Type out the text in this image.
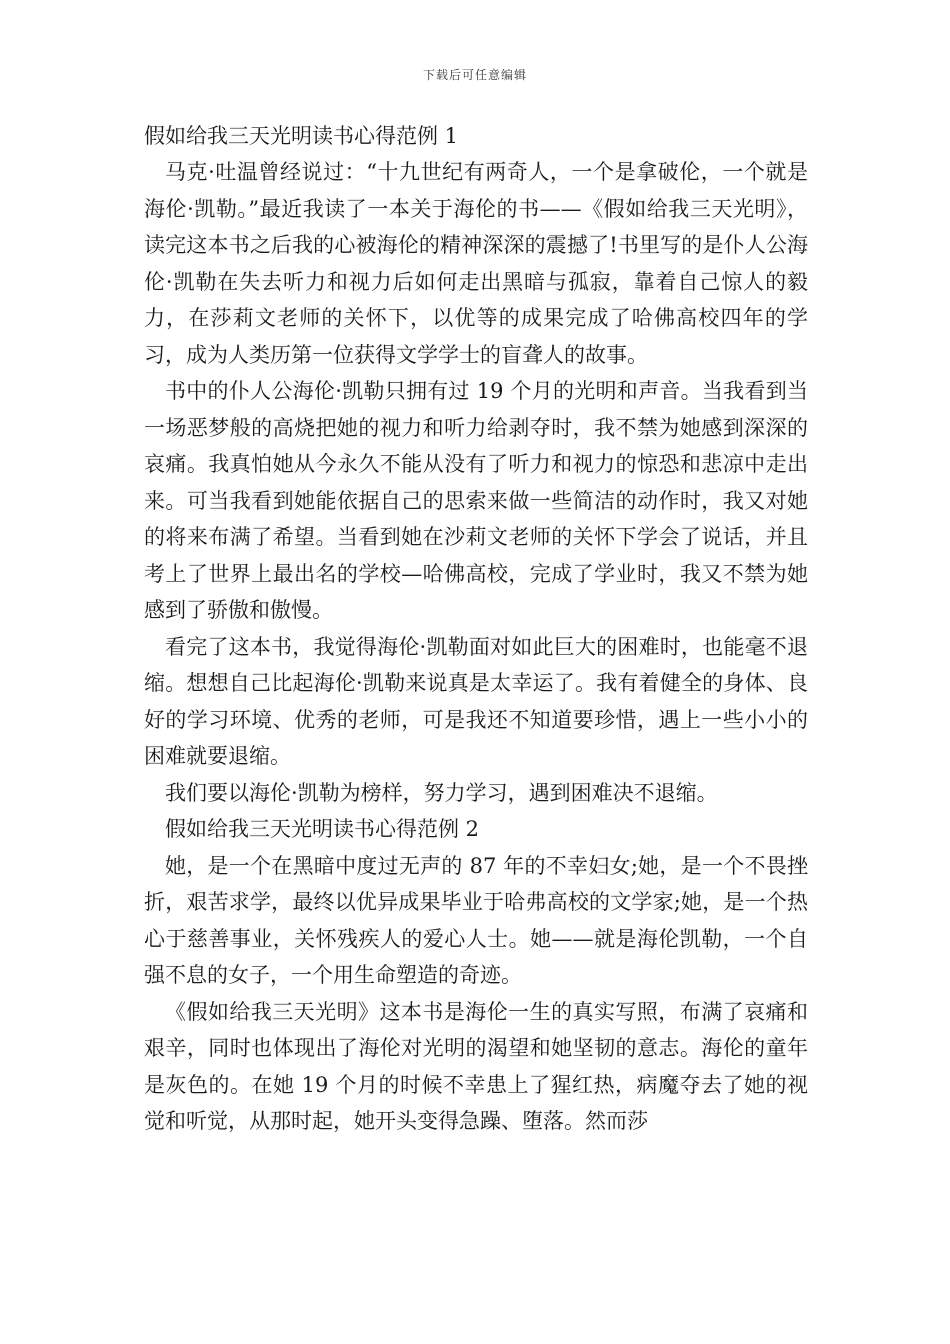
下载后可任意编辑
假如给我三天光明读书心得范例 1

马克·吐温曾经说过：“十九世纪有两奇人，一个是拿破伦，一个就是海伦·凯勒。”最近我读了一本关于海伦的书——《假如给我三天光明》，读完这本书之后我的心被海伦的精神深深的震撼了!书里写的是仆人公海伦·凯勒在失去听力和视力后如何走出黑暗与孤寂，靠着自己惊人的毅力，在莎莉文老师的关怀下，以优等的成果完成了哈佛高校四年的学习，成为人类历第一位获得文学学士的盲聋人的故事。

书中的仆人公海伦·凯勒只拥有过 19 个月的光明和声音。当我看到当一场恶梦般的高烧把她的视力和听力给剥夺时，我不禁为她感到深深的哀痛。我真怕她从今永久不能从没有了听力和视力的惊恐和悲凉中走出来。可当我看到她能依据自己的思索来做一些简洁的动作时，我又对她的将来布满了希望。当看到她在沙莉文老师的关怀下学会了说话，并且考上了世界上最出名的学校—哈佛高校，完成了学业时，我又不禁为她感到了骄傲和傲慢。

看完了这本书，我觉得海伦·凯勒面对如此巨大的困难时，也能毫不退缩。想想自己比起海伦·凯勒来说真是太幸运了。我有着健全的身体、良好的学习环境、优秀的老师，可是我还不知道要珍惜，遇上一些小小的困难就要退缩。

我们要以海伦·凯勒为榜样，努力学习，遇到困难决不退缩。

假如给我三天光明读书心得范例 2

她，是一个在黑暗中度过无声的 87 年的不幸妇女;她，是一个不畏挫折，艰苦求学，最终以优异成果毕业于哈弗高校的文学家;她，是一个热心于慈善事业，关怀残疾人的爱心人士。她——就是海伦凯勒，一个自强不息的女子，一个用生命塑造的奇迹。

《假如给我三天光明》这本书是海伦一生的真实写照，布满了哀痛和艰辛，同时也体现出了海伦对光明的渴望和她坚韧的意志。海伦的童年是灰色的。在她 19 个月的时候不幸患上了猩红热，病魔夺去了她的视觉和听觉，从那时起，她开头变得急躁、堕落。然而莎
